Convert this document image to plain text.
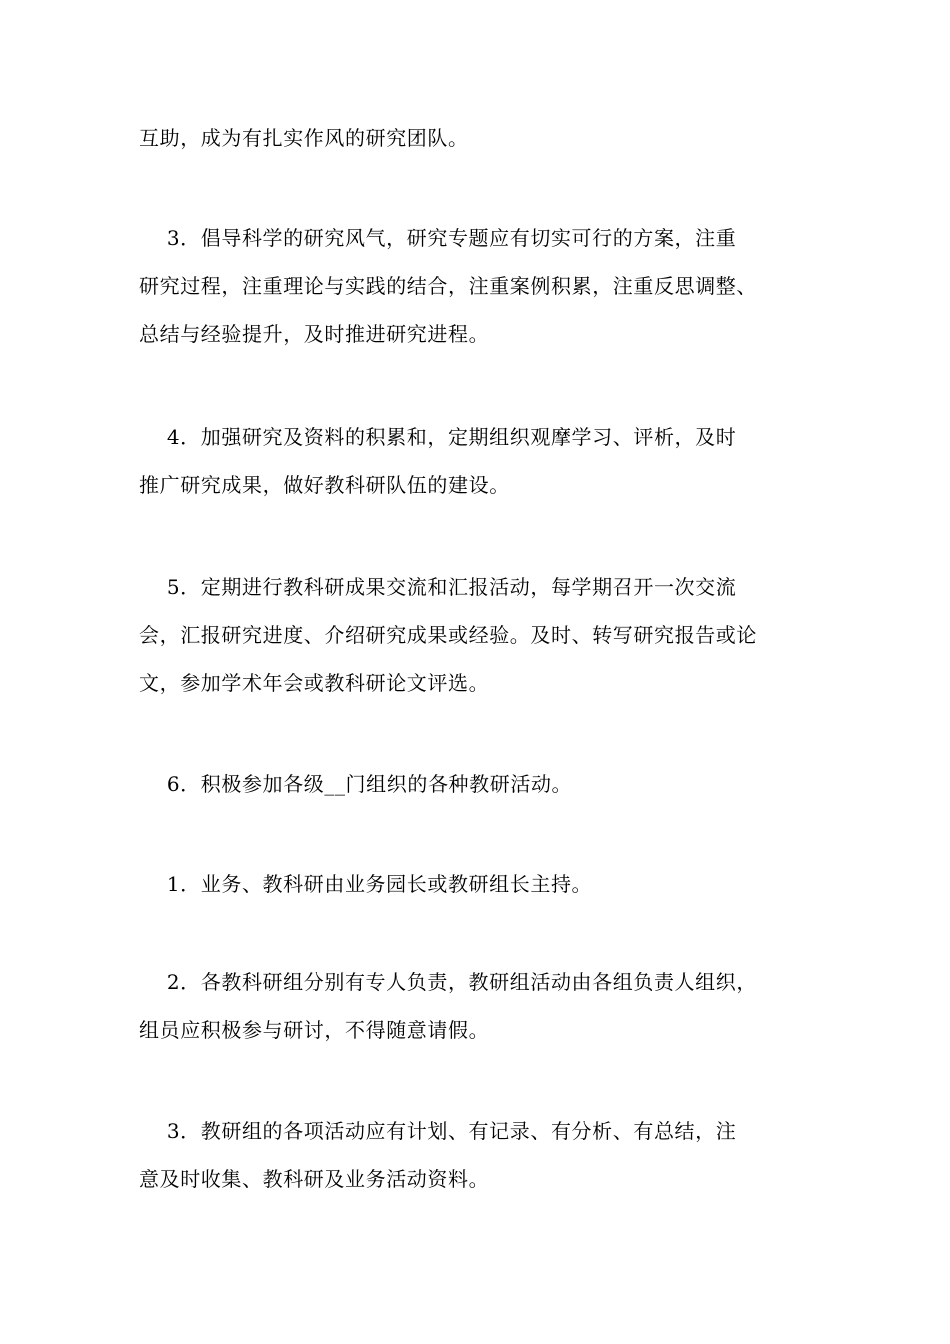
互助，成为有扎实作风的研究团队。

3．倡导科学的研究风气，研究专题应有切实可行的方案，注重
研究过程，注重理论与实践的结合，注重案例积累，注重反思调整、
总结与经验提升，及时推进研究进程。

4．加强研究及资料的积累和，定期组织观摩学习、评析，及时
推广研究成果，做好教科研队伍的建设。

5．定期进行教科研成果交流和汇报活动，每学期召开一次交流
会，汇报研究进度、介绍研究成果或经验。及时、转写研究报告或论
文，参加学术年会或教科研论文评选。

6．积极参加各级__门组织的各种教研活动。

1．业务、教科研由业务园长或教研组长主持。

2．各教科研组分别有专人负责，教研组活动由各组负责人组织，
组员应积极参与研讨，不得随意请假。

3．教研组的各项活动应有计划、有记录、有分析、有总结，注
意及时收集、教科研及业务活动资料。
